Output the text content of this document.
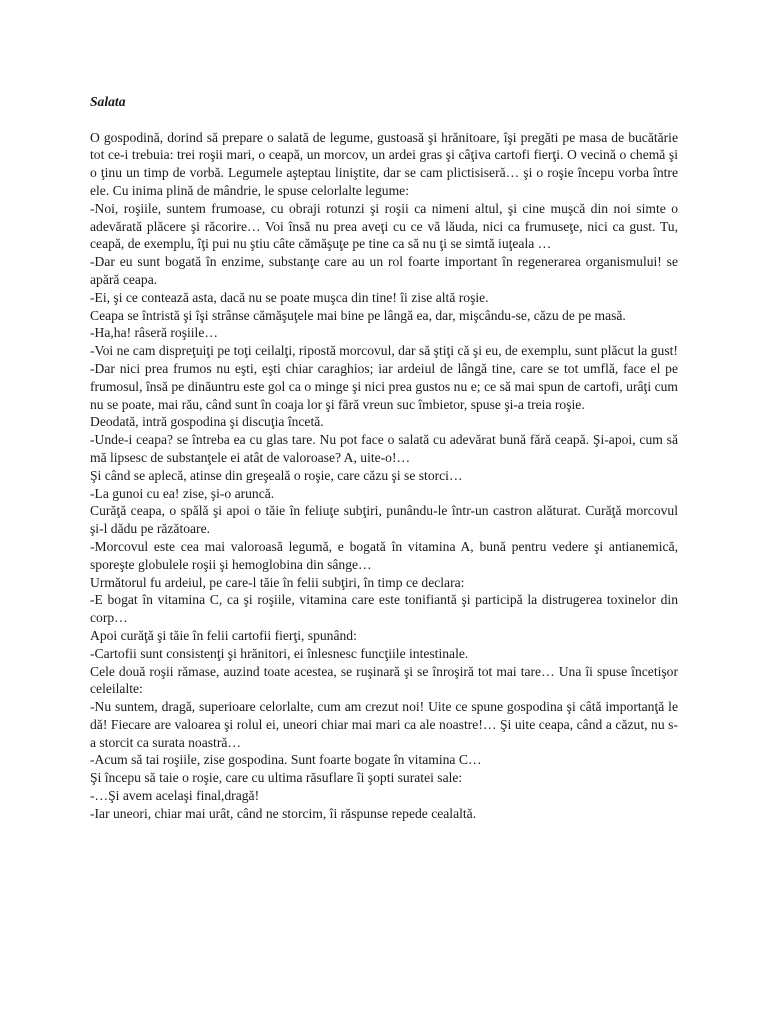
Salata

O gospodină, dorind să prepare o salată de legume, gustoasă şi hrănitoare, îşi pregăti pe masa de bucătărie tot ce-i trebuia: trei roşii mari, o ceapă, un morcov, un ardei gras şi câţiva cartofi fierţi. O vecină o chemă şi o ţinu un timp de vorbă. Legumele aşteptau liniştite, dar se cam plictisiseră… şi o roşie începu vorba între ele. Cu inima plină de mândrie, le spuse celorlalte legume:

-Noi, roşiile, suntem frumoase, cu obraji rotunzi şi roşii ca nimeni altul, şi cine muşcă din noi simte o adevărată plăcere şi răcorire… Voi însă nu prea aveţi cu ce vă lăuda, nici ca frumuseţe, nici ca gust. Tu, ceapă, de exemplu, îţi pui nu ştiu câte cămăşuţe pe tine ca să nu ţi se simtă iuţeala …

-Dar eu sunt bogată în enzime, substanţe care au un rol foarte important în regenerarea organismului! se apără ceapa.

-Ei, şi ce contează asta, dacă nu se poate muşca din tine! îi zise altă roşie.

Ceapa se întristă şi îşi strânse cămăşuţele mai bine pe lângă ea, dar, mişcându-se, căzu de pe masă.

-Ha,ha! râseră roşiile…

-Voi ne cam dispreţuiţi pe toţi ceilalţi, ripostă morcovul, dar să ştiţi că şi eu, de exemplu, sunt plăcut la gust!

-Dar nici prea frumos nu eşti, eşti chiar caraghios; iar ardeiul de lângă tine, care se tot umflă, face el pe frumosul, însă pe dinăuntru este gol ca o minge şi nici prea gustos nu e; ce să mai spun de cartofi, urâţi cum nu se poate, mai rău, când sunt în coaja lor şi fără vreun suc îmbietor, spuse şi-a treia roşie.

Deodată, intră gospodina şi discuţia încetă.

-Unde-i ceapa? se întreba ea cu glas tare. Nu pot face o salată cu adevărat bună fără ceapă. Şi-apoi, cum să mă lipsesc de substanţele ei atât de valoroase? A, uite-o!…

Şi când se aplecă, atinse din greşeală o roşie, care căzu şi se storci…

-La gunoi cu ea! zise, şi-o aruncă.

Curăţă ceapa, o spălă şi apoi o tăie în feliuţe subţiri, punându-le într-un castron alăturat. Curăţă morcovul şi-l dădu pe răzătoare.

-Morcovul este cea mai valoroasă legumă, e bogată în vitamina A, bună pentru vedere şi antianemică, sporeşte globulele roşii şi hemoglobina din sânge…

Următorul fu ardeiul, pe care-l tăie în felii subţiri, în timp ce declara:

-E bogat în vitamina C, ca şi roşiile, vitamina care este tonifiantă şi participă la distrugerea toxinelor din corp…

Apoi curăţă şi tăie în felii cartofii fierţi, spunând:

-Cartofii sunt consistenţi şi hrănitori, ei înlesnesc funcţiile intestinale.

Cele două roşii rămase, auzind toate acestea, se ruşinară şi se înroşiră tot mai tare… Una îi spuse încetişor celeilalte:

-Nu suntem, dragă, superioare celorlalte, cum am crezut noi! Uite ce spune gospodina şi câtă importanţă le dă! Fiecare are valoarea şi rolul ei, uneori chiar mai mari ca ale noastre!… Şi uite ceapa, când a căzut, nu s-a storcit ca surata noastră…

-Acum să tai roşiile, zise gospodina. Sunt foarte bogate în vitamina C…

Şi începu să taie o roşie, care cu ultima răsuflare îi şopti suratei sale:

-…Şi avem acelaşi final,dragă!

-Iar uneori, chiar mai urât, când ne storcim, îi răspunse repede cealaltă.
